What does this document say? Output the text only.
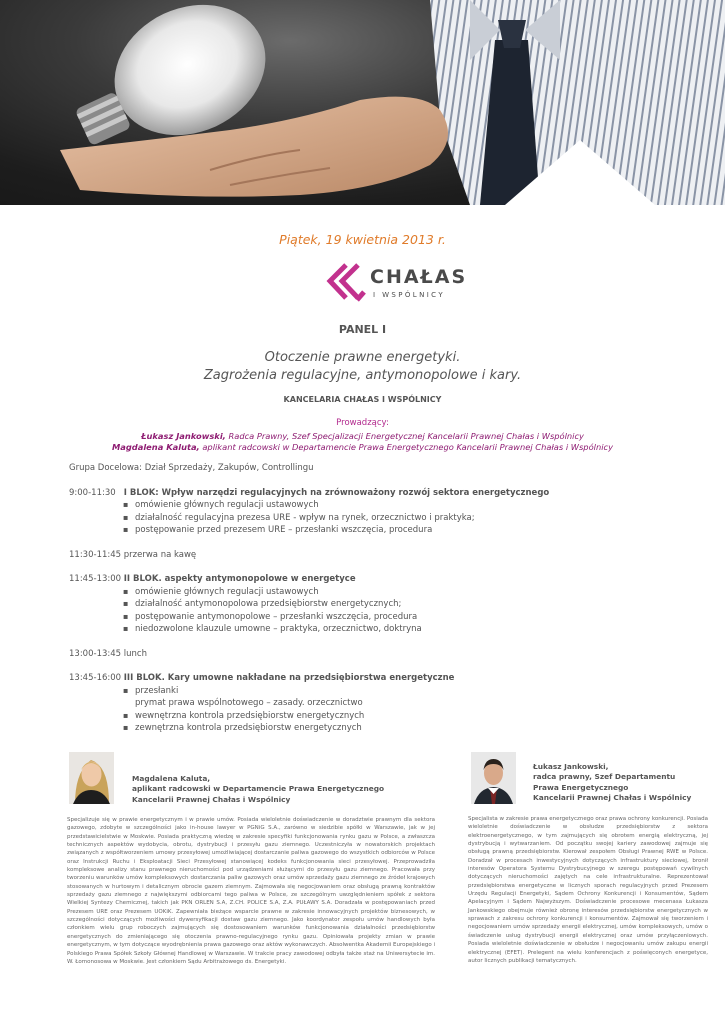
Piątek, 19 kwietnia 2013 r.
CHAŁAS
I WSPÓLNICY
PANEL I
Otoczenie prawne energetyki.
Zagrożenia regulacyjne, antymonopolowe i kary.
KANCELARIA CHAŁAS I WSPÓLNICY
Prowadzący:
Łukasz Jankowski, Radca Prawny, Szef Specjalizacji Energetycznej Kancelarii Prawnej Chałas i Wspólnicy
Magdalena Kaluta, aplikant radcowski w Departamencie Prawa Energetycznego Kancelarii Prawnej Chałas i Wspólnicy
Grupa Docelowa: Dział Sprzedaży, Zakupów, Controllingu
9:00-11:30 I BLOK: Wpływ narzędzi regulacyjnych na zrównoważony rozwój sektora energetycznego
▪ omówienie głównych regulacji ustawowych
▪ działalność regulacyjna prezesa URE - wpływ na rynek, orzecznictwo i praktyka;
▪ postępowanie przed prezesem URE – przesłanki wszczęcia, procedura
11:30-11:45 przerwa na kawę
11:45-13:00 II BLOK. aspekty antymonopolowe w energetyce
▪ omówienie głównych regulacji ustawowych
▪ działalność antymonopolowa przedsiębiorstw energetycznych;
▪ postępowanie antymonopolowe – przesłanki wszczęcia, procedura
▪ niedozwolone klauzule umowne – praktyka, orzecznictwo, doktryna
13:00-13:45 lunch
13:45-16:00 III BLOK. Kary umowne nakładane na przedsiębiorstwa energetyczne
▪ przesłanki
prymat prawa wspólnotowego – zasady. orzecznictwo
▪ wewnętrzna kontrola przedsiębiorstw energetycznych
▪ zewnętrzna kontrola przedsiębiorstw energetycznych
Magdalena Kaluta,
aplikant radcowski w Departamencie Prawa Energetycznego
Kancelarii Prawnej Chałas i Wspólnicy
Specjalizuje się w prawie energetycznym i w prawie umów. Posiada wieloletnie doświadczenie w doradztwie prawnym dla sektora gazowego, zdobyte w szczególności jako in-house lawyer w PGNiG S.A., zarówno w siedzibie spółki w Warszawie, jak w jej przedstawicielstwie w Moskwie. Posiada praktyczną wiedzę w zakresie specyfiki funkcjonowania rynku gazu w Polsce, a zwłaszcza technicznych aspektów wydobycia, obrotu, dystrybucji i przesyłu gazu ziemnego. Uczestniczyła w nowatorskich projektach związanych z współtworzeniem umowy przesyłowej umożliwiającej dostarczanie paliwa gazowego do wszystkich odbiorców w Polsce oraz Instrukcji Ruchu i Eksploatacji Sieci Przesyłowej stanowiącej kodeks funkcjonowania sieci przesyłowej. Przeprowadziła kompleksowe analizy stanu prawnego nieruchomości pod urządzeniami służącymi do przesyłu gazu ziemnego. Pracowała przy tworzeniu warunków umów kompleksowych dostarczania paliw gazowych oraz umów sprzedaży gazu ziemnego ze źródeł krajowych stosowanych w hurtowym i detalicznym obrocie gazem ziemnym. Zajmowała się negocjowaniem oraz obsługą prawną kontraktów sprzedaży gazu ziemnego z największymi odbiorcami tego paliwa w Polsce, ze szczególnym uwzględnieniem spółek z sektora Wielkiej Syntezy Chemicznej, takich jak PKN ORLEN S.A, Z.CH. POLICE S.A, Z.A. PUŁAWY S.A. Doradzała w postępowaniach przed Prezesem URE oraz Prezesem UOKiK. Zapewniała bieżące wsparcie prawne w zakresie innowacyjnych projektów biznesowych, w szczególności dotyczących możliwości dywersyfikacji dostaw gazu ziemnego. Jako koordynator zespołu umów handlowych była członkiem wielu grup roboczych zajmujących się dostosowaniem warunków funkcjonowania działalności przedsiębiorstw energetycznych do zmieniającego się otoczenia prawno-regulacyjnego rynku gazu. Opiniowała projekty zmian w prawie energetycznym, w tym dotyczące wyodrębnienia prawa gazowego oraz aktów wykonawczych. Absolwentka Akademii Europejskiego i Polskiego Prawa Spółek Szkoły Głównej Handlowej w Warszawie. W trakcie pracy zawodowej odbyła także staż na Uniwersytecie im. W. Łomonosowa w Moskwie. Jest członkiem Sądu Arbitrażowego ds. Energetyki.
Łukasz Jankowski,
radca prawny, Szef Departamentu
Prawa Energetycznego
Kancelarii Prawnej Chałas i Wspólnicy
Specjalista w zakresie prawa energetycznego oraz prawa ochrony konkurencji. Posiada wieloletnie doświadczenie w obsłudze przedsiębiorstw z sektora elektroenergetycznego, w tym zajmujących się obrotem energią elektryczną, jej dystrybucją i wytwarzaniem. Od początku swojej kariery zawodowej zajmuje się obsługą prawną przedsiębiorstw. Kierował zespołem Obsługi Prawnej RWE w Polsce. Doradzał w procesach inwestycyjnych dotyczących infrastruktury sieciowej, bronił interesów Operatora Systemu Dystrybucyjnego w szeregu postępowań cywilnych dotyczących nieruchomości zajętych na cele infrastrukturalne. Reprezentował przedsiębiorstwa energetyczne w licznych sporach regulacyjnych przed Prezesem Urzędu Regulacji Energetyki, Sądem Ochrony Konkurencji i Konsumentów, Sądem Apelacyjnym i Sądem Najwyższym. Doświadczenie procesowe mecenasa Łukasza Jankowskiego obejmuje również obronę interesów przedsiębiorstw energetycznych w sprawach z zakresu ochrony konkurencji i konsumentów. Zajmował się tworzeniem i negocjowaniem umów sprzedaży energii elektrycznej, umów kompleksowych, umów o świadczenie usług dystrybucji energii elektrycznej oraz umów przyłączeniowych. Posiada wieloletnie doświadczenie w obsłudze i negocjowaniu umów zakupu energii elektrycznej (EFET). Prelegent na wielu konferencjach z poświęconych energetyce, autor licznych publikacji tematycznych.
